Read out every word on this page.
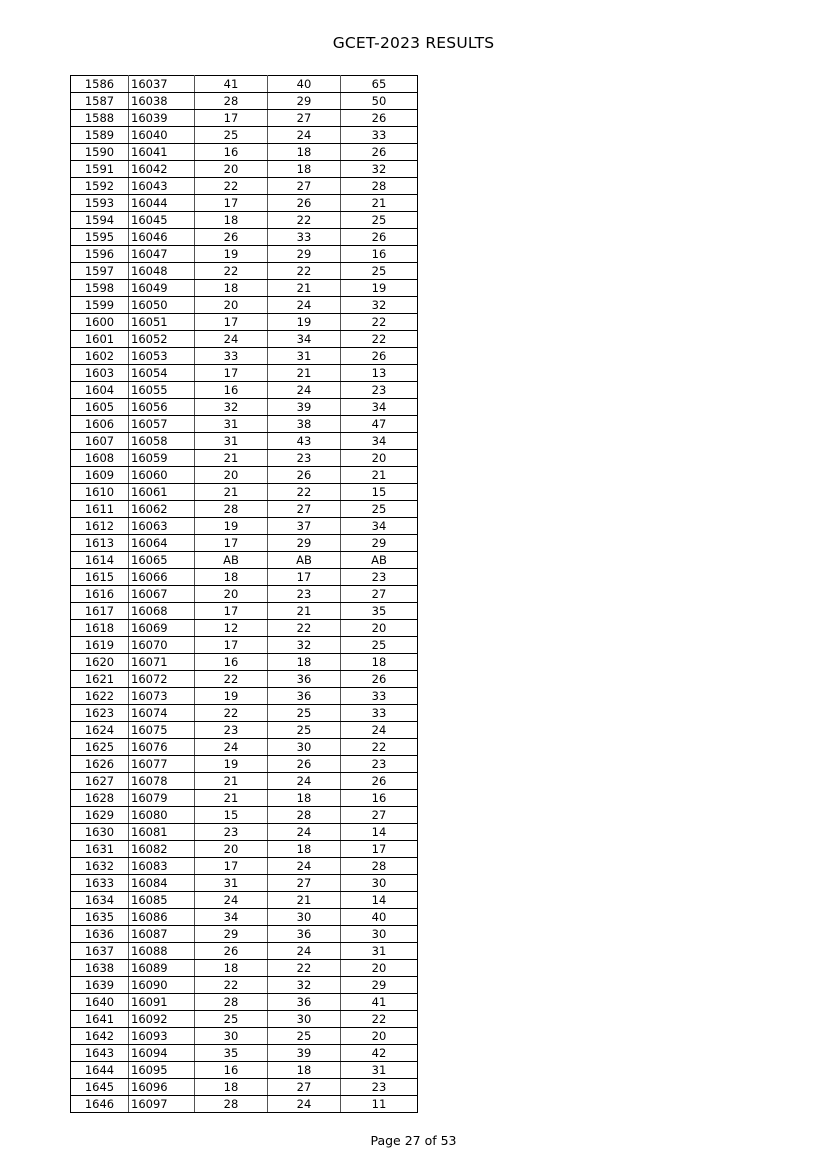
GCET-2023 RESULTS
1586	16037	41	40	65
1587	16038	28	29	50
1588	16039	17	27	26
1589	16040	25	24	33
1590	16041	16	18	26
1591	16042	20	18	32
1592	16043	22	27	28
1593	16044	17	26	21
1594	16045	18	22	25
1595	16046	26	33	26
1596	16047	19	29	16
1597	16048	22	22	25
1598	16049	18	21	19
1599	16050	20	24	32
1600	16051	17	19	22
1601	16052	24	34	22
1602	16053	33	31	26
1603	16054	17	21	13
1604	16055	16	24	23
1605	16056	32	39	34
1606	16057	31	38	47
1607	16058	31	43	34
1608	16059	21	23	20
1609	16060	20	26	21
1610	16061	21	22	15
1611	16062	28	27	25
1612	16063	19	37	34
1613	16064	17	29	29
1614	16065	AB	AB	AB
1615	16066	18	17	23
1616	16067	20	23	27
1617	16068	17	21	35
1618	16069	12	22	20
1619	16070	17	32	25
1620	16071	16	18	18
1621	16072	22	36	26
1622	16073	19	36	33
1623	16074	22	25	33
1624	16075	23	25	24
1625	16076	24	30	22
1626	16077	19	26	23
1627	16078	21	24	26
1628	16079	21	18	16
1629	16080	15	28	27
1630	16081	23	24	14
1631	16082	20	18	17
1632	16083	17	24	28
1633	16084	31	27	30
1634	16085	24	21	14
1635	16086	34	30	40
1636	16087	29	36	30
1637	16088	26	24	31
1638	16089	18	22	20
1639	16090	22	32	29
1640	16091	28	36	41
1641	16092	25	30	22
1642	16093	30	25	20
1643	16094	35	39	42
1644	16095	16	18	31
1645	16096	18	27	23
1646	16097	28	24	11
Page 27 of 53
